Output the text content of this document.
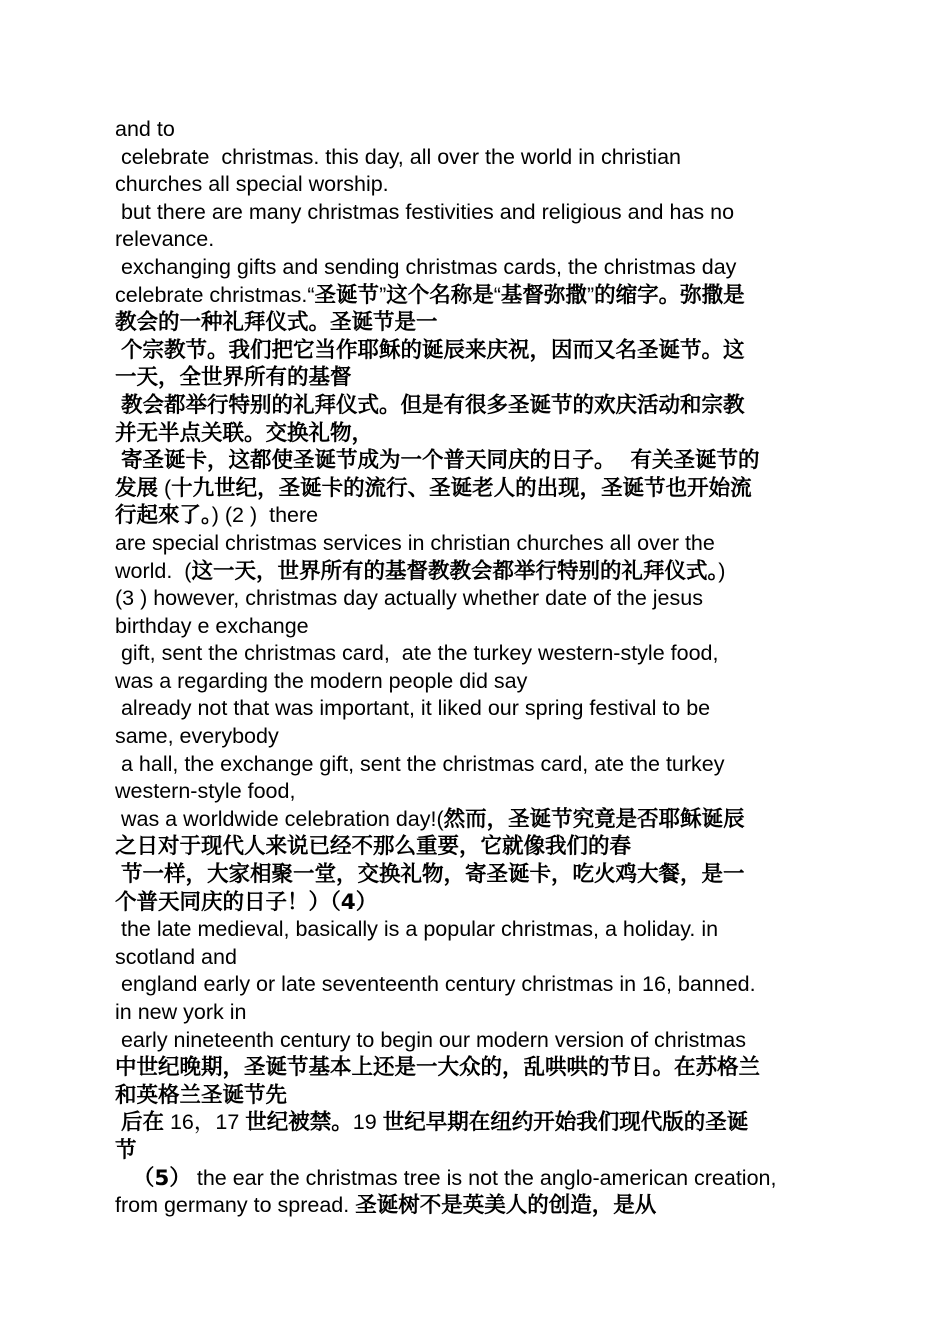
and to
celebrate  christmas. this day, all over the world in christian
churches all special worship.
but there are many christmas festivities and religious and has no
relevance.
exchanging gifts and sending christmas cards, the christmas day
celebrate christmas.“圣诞节”这个名称是“基督弥撒”的缩字。弥撒是
教会的一种礼拜仪式。圣诞节是一
个宗教节。我们把它当作耶稣的诞辰来庆祝，因而又名圣诞节。这
一天，全世界所有的基督
教会都举行特别的礼拜仪式。但是有很多圣诞节的欢庆活动和宗教
并无半点关联。交换礼物，
寄圣诞卡，这都使圣诞节成为一个普天同庆的日子。  有关圣诞节的
发展 (十九世纪，圣诞卡的流行、圣诞老人的出现，圣诞节也开始流
行起來了。) (2 )  there
are special christmas services in christian churches all over the
world.  (这一天，世界所有的基督教教会都举行特别的礼拜仪式。)
(3 ) however, christmas day actually whether date of the jesus
birthday e exchange
gift, sent the christmas card,  ate the turkey western-style food,
was a regarding the modern people did say
already not that was important, it liked our spring festival to be
same, everybody
a hall, the exchange gift, sent the christmas card, ate the turkey
western-style food,
was a worldwide celebration day!(然而，圣诞节究竟是否耶稣诞辰
之日对于现代人来说已经不那么重要，它就像我们的春
节一样，大家相聚一堂，交换礼物，寄圣诞卡，吃火鸡大餐，是一
个普天同庆的日子！）（4）
the late medieval, basically is a popular christmas, a holiday. in
scotland and
england early or late seventeenth century christmas in 16, banned.
in new york in
early nineteenth century to begin our modern version of christmas
中世纪晚期，圣诞节基本上还是一大众的，乱哄哄的节日。在苏格兰
和英格兰圣诞节先
后在 16，17 世纪被禁。19 世纪早期在纽约开始我们现代版的圣诞
节
（5） the ear the christmas tree is not the anglo-american creation,
from germany to spread. 圣诞树不是英美人的创造，是从
